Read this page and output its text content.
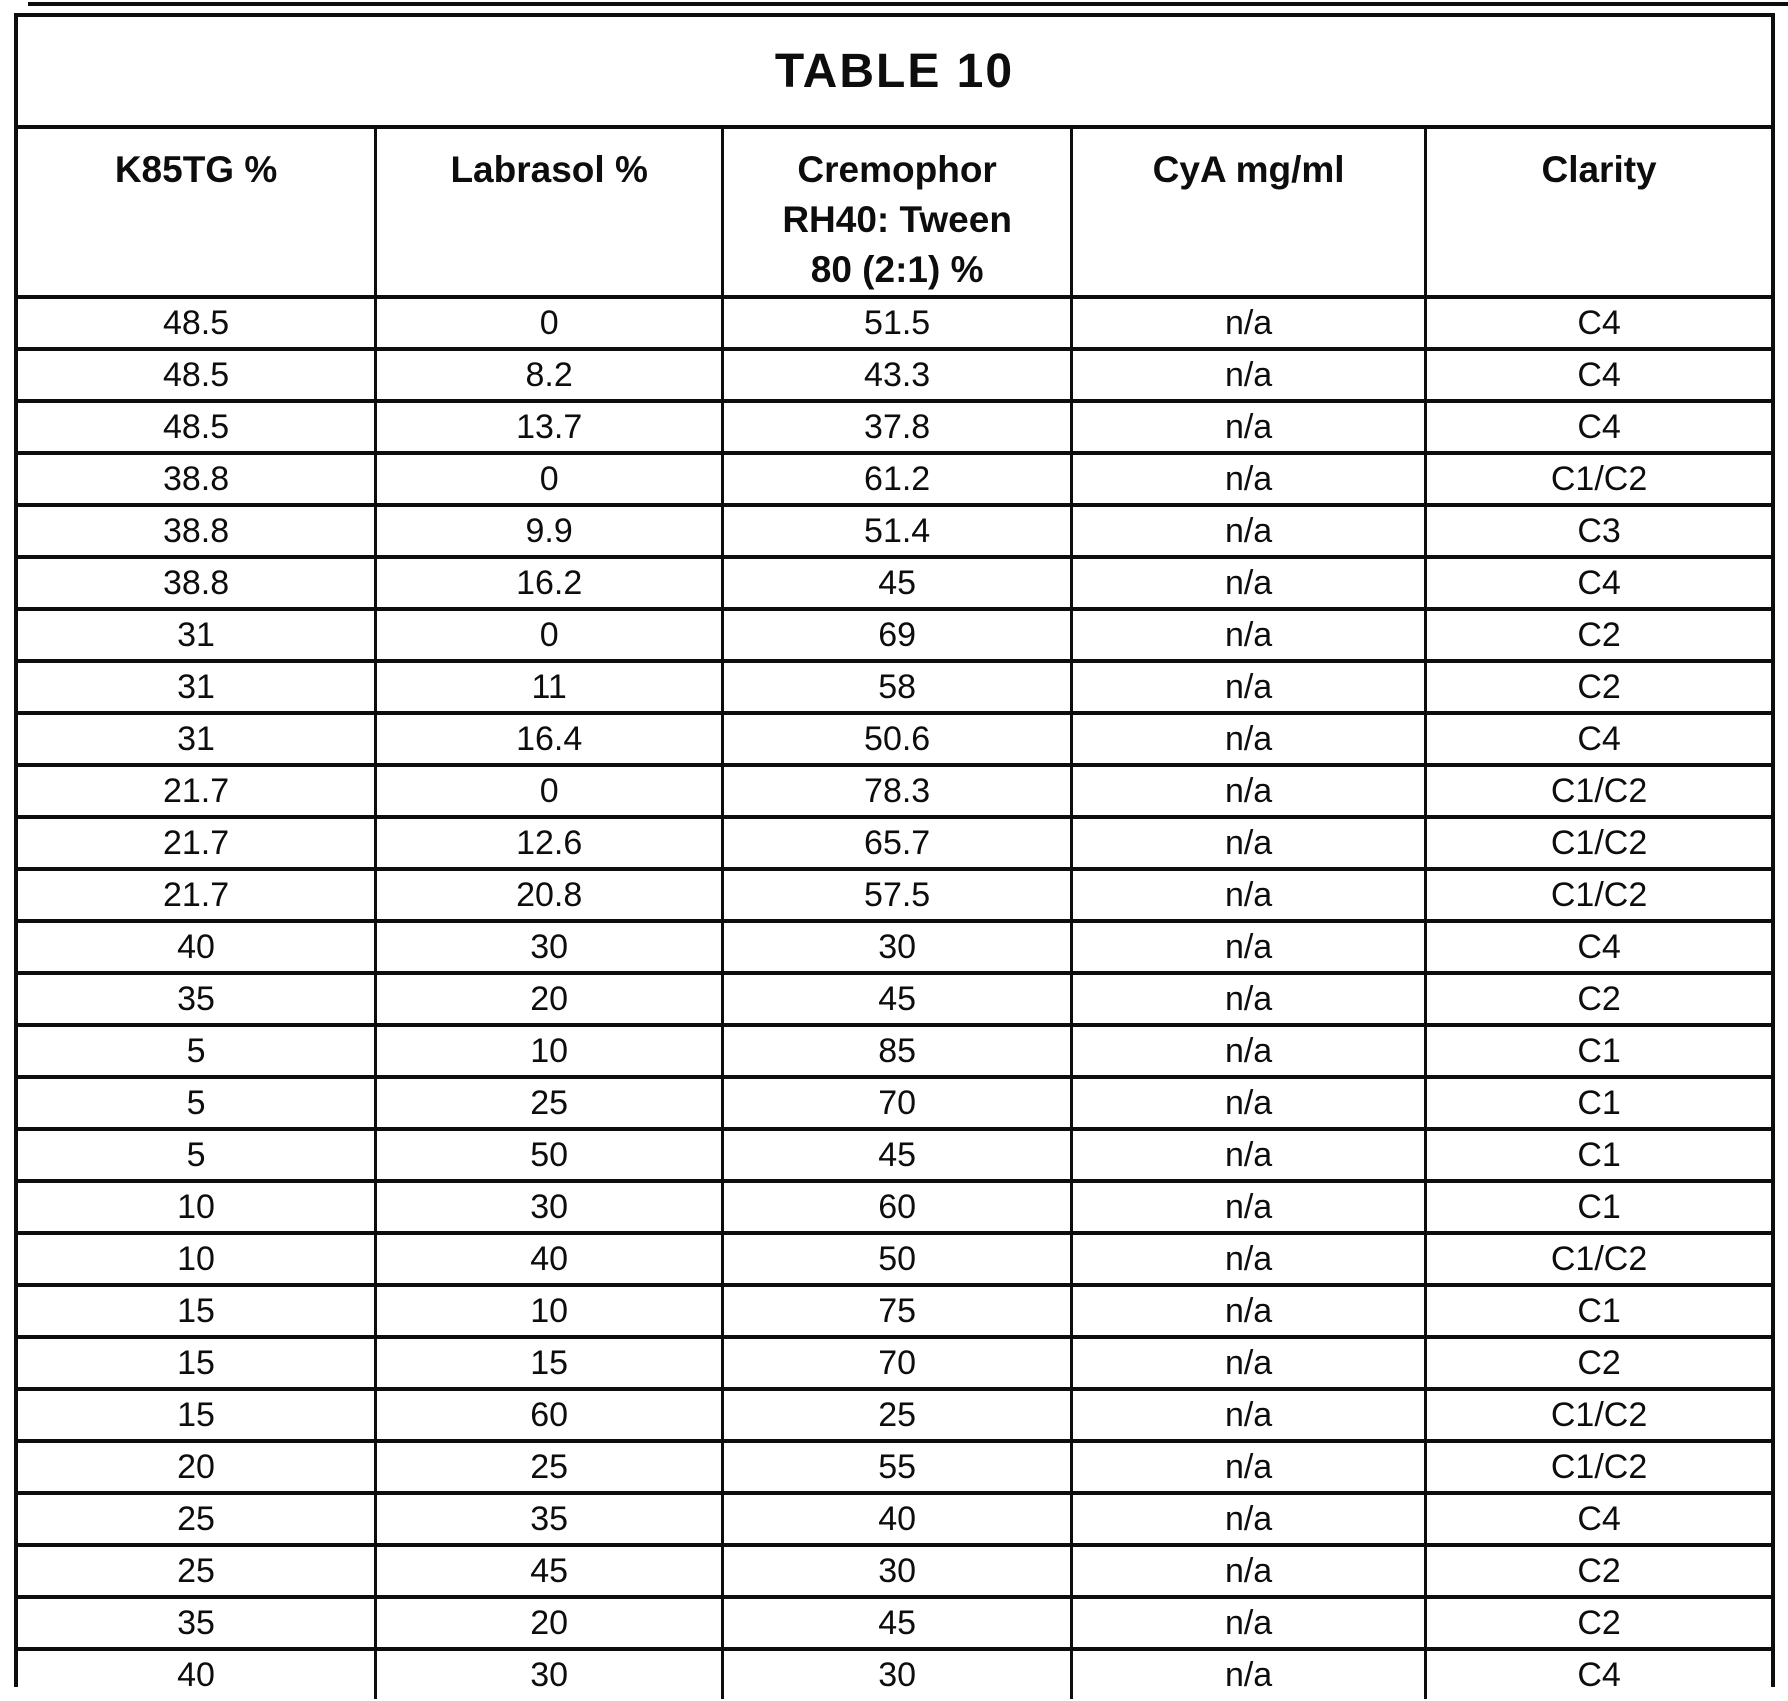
TABLE 10
K85TG %	Labrasol %	Cremophor RH40: Tween 80 (2:1) %	CyA mg/ml	Clarity
48.5	0	51.5	n/a	C4
48.5	8.2	43.3	n/a	C4
48.5	13.7	37.8	n/a	C4
38.8	0	61.2	n/a	C1/C2
38.8	9.9	51.4	n/a	C3
38.8	16.2	45	n/a	C4
31	0	69	n/a	C2
31	11	58	n/a	C2
31	16.4	50.6	n/a	C4
21.7	0	78.3	n/a	C1/C2
21.7	12.6	65.7	n/a	C1/C2
21.7	20.8	57.5	n/a	C1/C2
40	30	30	n/a	C4
35	20	45	n/a	C2
5	10	85	n/a	C1
5	25	70	n/a	C1
5	50	45	n/a	C1
10	30	60	n/a	C1
10	40	50	n/a	C1/C2
15	10	75	n/a	C1
15	15	70	n/a	C2
15	60	25	n/a	C1/C2
20	25	55	n/a	C1/C2
25	35	40	n/a	C4
25	45	30	n/a	C2
35	20	45	n/a	C2
40	30	30	n/a	C4
